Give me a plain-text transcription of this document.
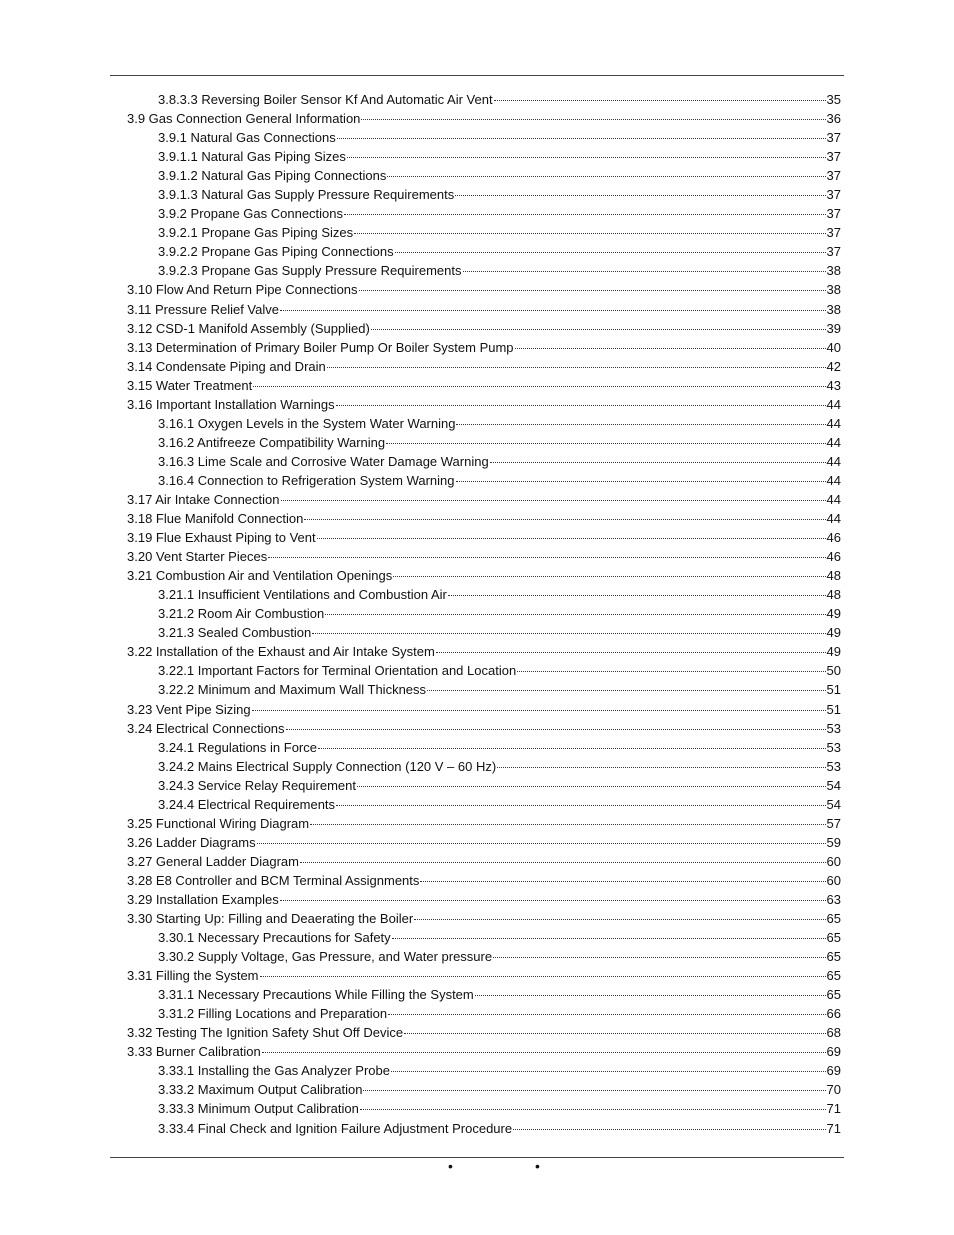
3.8.3.3 Reversing Boiler Sensor Kf And Automatic Air Vent	35
3.9 Gas Connection General Information	36
3.9.1 Natural Gas Connections	37
3.9.1.1 Natural Gas Piping Sizes	37
3.9.1.2 Natural Gas Piping Connections	37
3.9.1.3 Natural Gas Supply Pressure Requirements	37
3.9.2 Propane Gas Connections	37
3.9.2.1 Propane Gas Piping Sizes	37
3.9.2.2 Propane Gas Piping Connections	37
3.9.2.3 Propane Gas Supply Pressure Requirements	38
3.10 Flow And Return Pipe Connections	38
3.11 Pressure Relief Valve	38
3.12 CSD-1 Manifold Assembly (Supplied)	39
3.13 Determination of Primary Boiler Pump Or Boiler System Pump	40
3.14 Condensate Piping and Drain	42
3.15 Water Treatment	43
3.16 Important Installation Warnings	44
3.16.1 Oxygen Levels in the System Water Warning	44
3.16.2 Antifreeze Compatibility Warning	44
3.16.3 Lime Scale and Corrosive Water Damage Warning	44
3.16.4 Connection to Refrigeration System Warning	44
3.17 Air Intake Connection	44
3.18 Flue Manifold Connection	44
3.19 Flue Exhaust Piping to Vent	46
3.20 Vent Starter Pieces	46
3.21 Combustion Air and Ventilation Openings	48
3.21.1 Insufficient Ventilations and Combustion Air	48
3.21.2 Room Air Combustion	49
3.21.3 Sealed Combustion	49
3.22 Installation of the Exhaust and Air Intake System	49
3.22.1 Important Factors for Terminal Orientation and Location	50
3.22.2 Minimum and Maximum Wall Thickness	51
3.23 Vent Pipe Sizing	51
3.24 Electrical Connections	53
3.24.1 Regulations in Force	53
3.24.2 Mains Electrical Supply Connection (120 V – 60 Hz)	53
3.24.3 Service Relay Requirement	54
3.24.4 Electrical Requirements	54
3.25 Functional Wiring Diagram	57
3.26 Ladder Diagrams	59
3.27 General Ladder Diagram	60
3.28 E8 Controller and BCM Terminal Assignments	60
3.29 Installation Examples	63
3.30 Starting Up: Filling and Deaerating the Boiler	65
3.30.1 Necessary Precautions for Safety	65
3.30.2 Supply Voltage, Gas Pressure, and Water pressure	65
3.31 Filling the System	65
3.31.1 Necessary Precautions While Filling the System	65
3.31.2 Filling Locations and Preparation	66
3.32 Testing The Ignition Safety Shut Off Device	68
3.33 Burner Calibration	69
3.33.1 Installing the Gas Analyzer Probe	69
3.33.2 Maximum Output Calibration	70
3.33.3 Minimum Output Calibration	71
3.33.4 Final Check and Ignition Failure Adjustment Procedure	71
•	•
